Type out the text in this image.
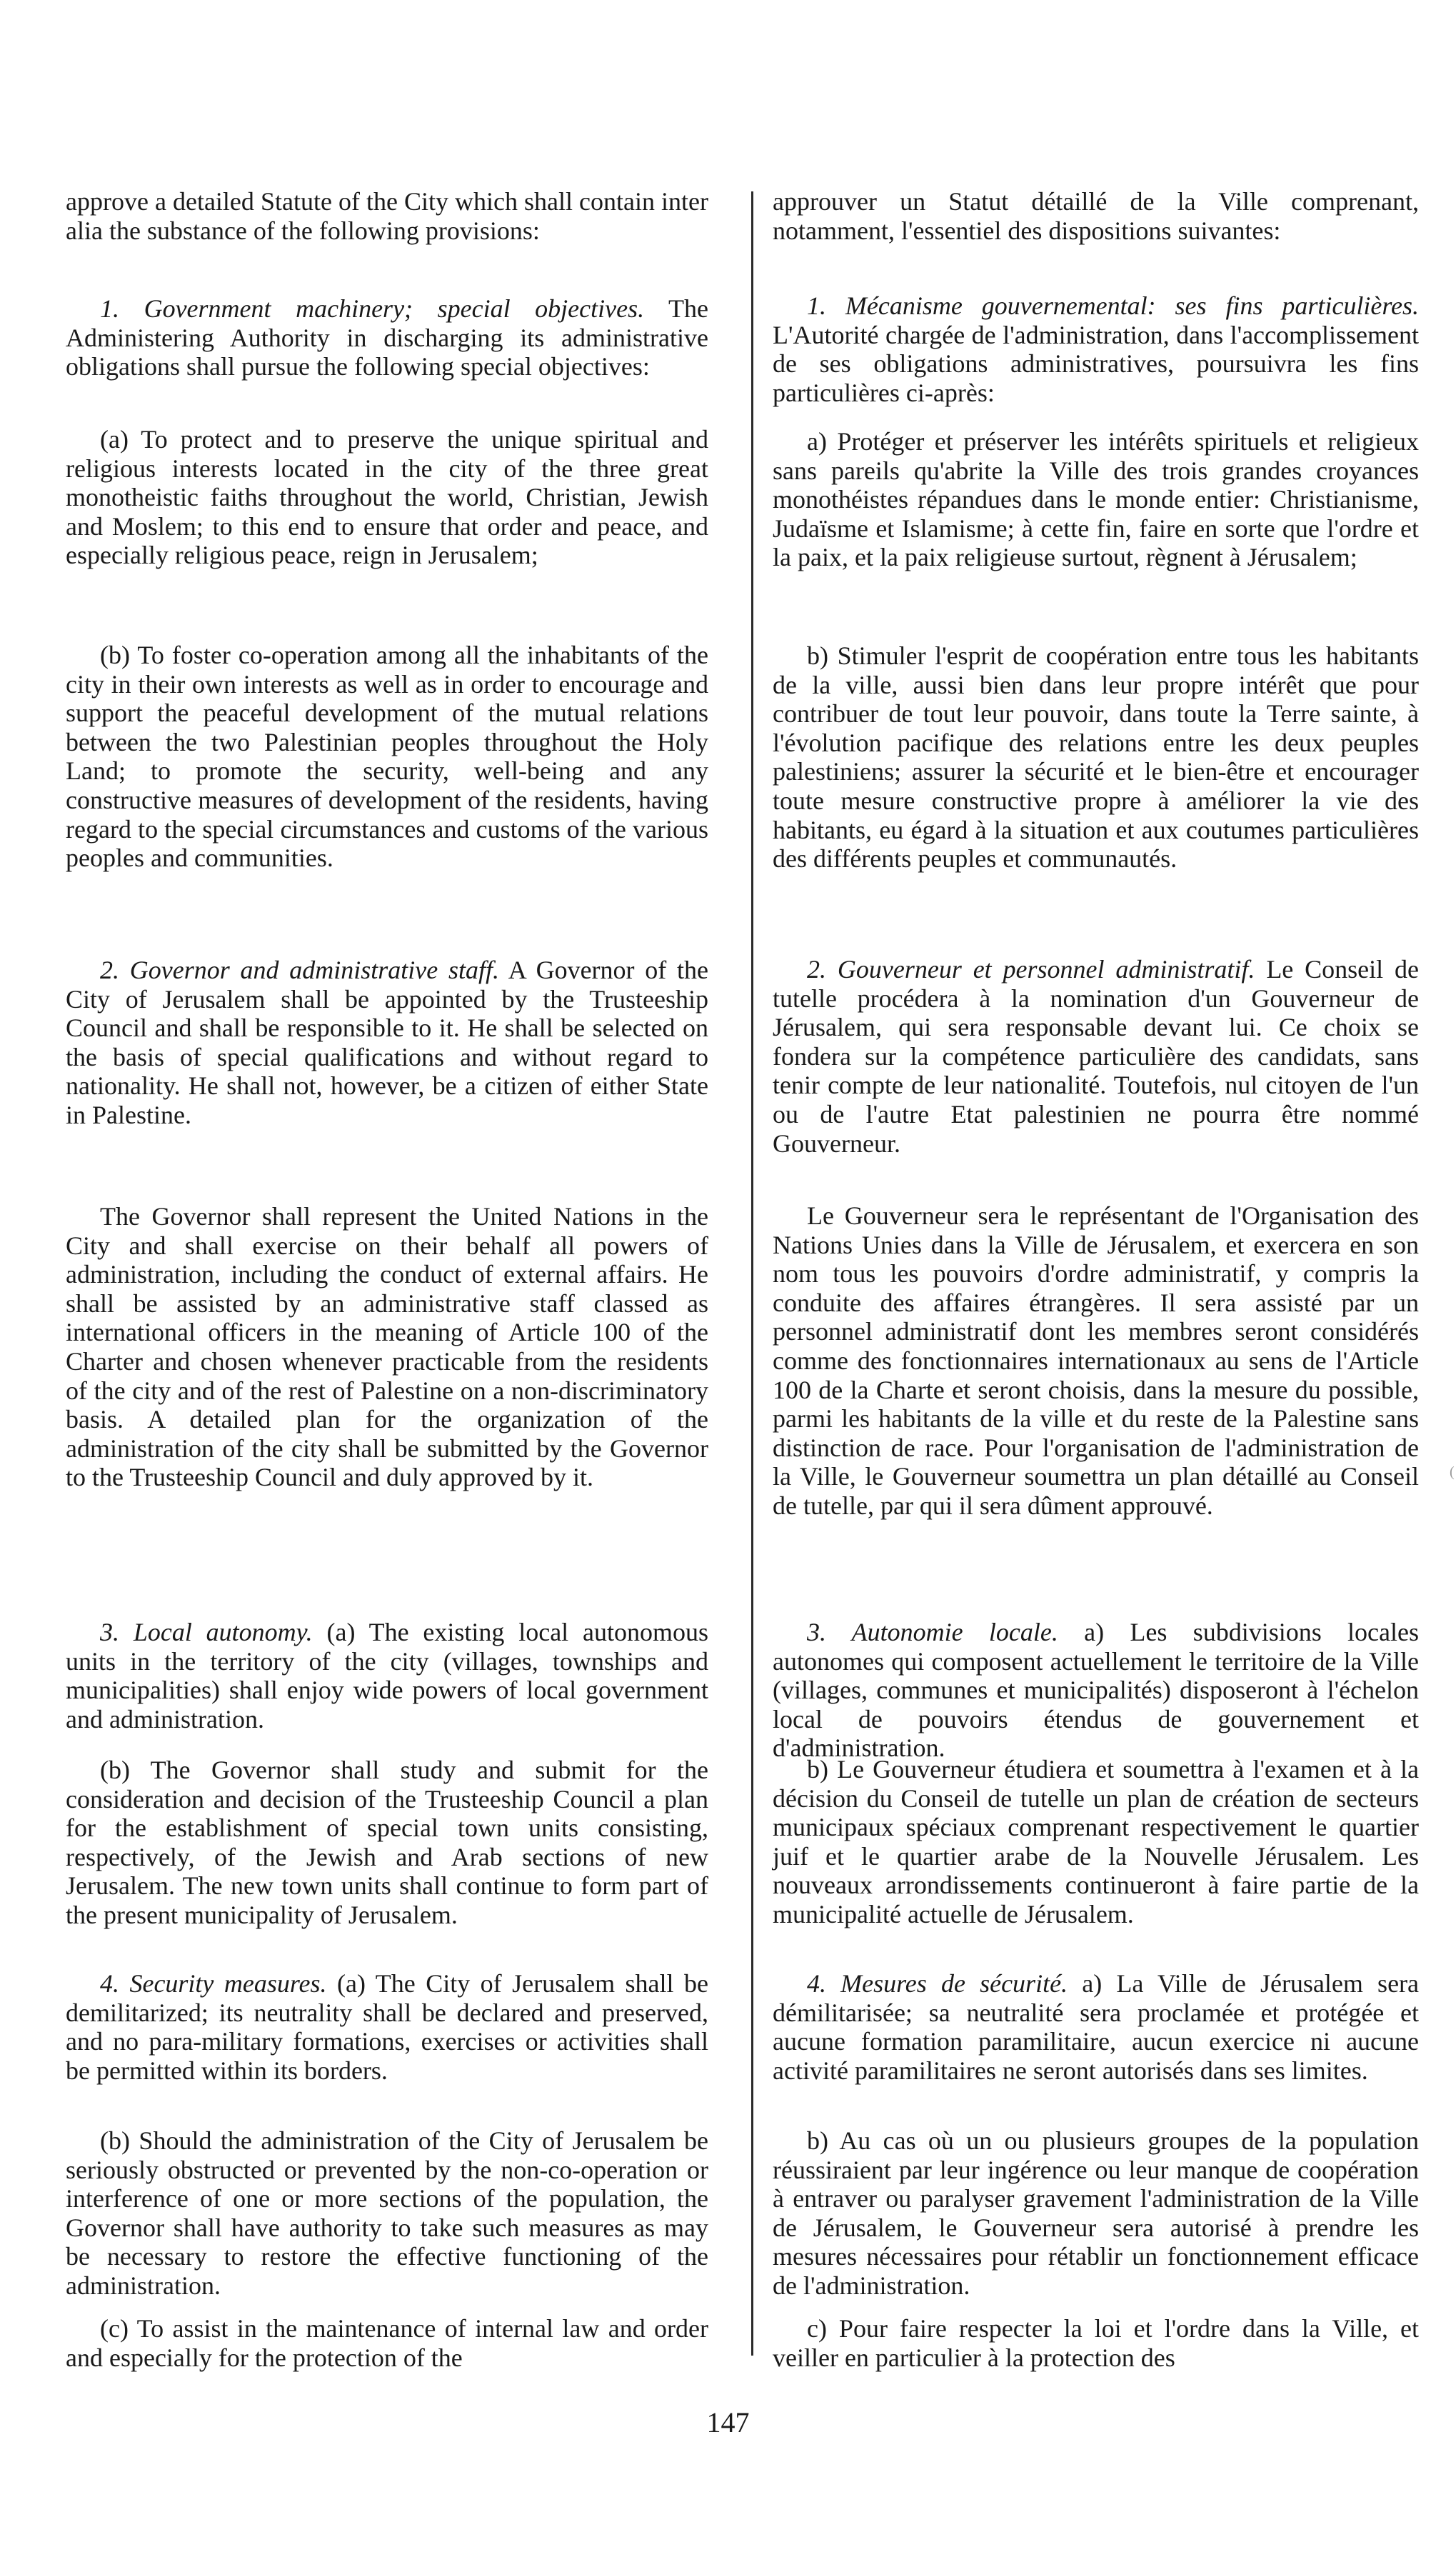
approve a detailed Statute of the City which shall contain inter alia the substance of the following provisions:

1. Government machinery; special objectives. The Administering Authority in discharging its administrative obligations shall pursue the following special objectives:

(a) To protect and to preserve the unique spiritual and religious interests located in the city of the three great monotheistic faiths throughout the world, Christian, Jewish and Moslem; to this end to ensure that order and peace, and especially religious peace, reign in Jerusalem;

(b) To foster co-operation among all the inhabitants of the city in their own interests as well as in order to encourage and support the peaceful development of the mutual relations between the two Palestinian peoples throughout the Holy Land; to promote the security, well-being and any constructive measures of development of the residents, having regard to the special circumstances and customs of the various peoples and communities.

2. Governor and administrative staff. A Governor of the City of Jerusalem shall be appointed by the Trusteeship Council and shall be responsible to it. He shall be selected on the basis of special qualifications and without regard to nationality. He shall not, however, be a citizen of either State in Palestine.

The Governor shall represent the United Nations in the City and shall exercise on their behalf all powers of administration, including the conduct of external affairs. He shall be assisted by an administrative staff classed as international officers in the meaning of Article 100 of the Charter and chosen whenever practicable from the residents of the city and of the rest of Palestine on a non-discriminatory basis. A detailed plan for the organization of the administration of the city shall be submitted by the Governor to the Trusteeship Council and duly approved by it.

3. Local autonomy. (a) The existing local autonomous units in the territory of the city (villages, townships and municipalities) shall enjoy wide powers of local government and administration.

(b) The Governor shall study and submit for the consideration and decision of the Trusteeship Council a plan for the establishment of special town units consisting, respectively, of the Jewish and Arab sections of new Jerusalem. The new town units shall continue to form part of the present municipality of Jerusalem.

4. Security measures. (a) The City of Jerusalem shall be demilitarized; its neutrality shall be declared and preserved, and no para-military formations, exercises or activities shall be permitted within its borders.

(b) Should the administration of the City of Jerusalem be seriously obstructed or prevented by the non-co-operation or interference of one or more sections of the population, the Governor shall have authority to take such measures as may be necessary to restore the effective functioning of the administration.

(c) To assist in the maintenance of internal law and order and especially for the protection of the

approuver un Statut détaillé de la Ville comprenant, notamment, l'essentiel des dispositions suivantes:

1. Mécanisme gouvernemental: ses fins particulières. L'Autorité chargée de l'administration, dans l'accomplissement de ses obligations administratives, poursuivra les fins particulières ci-après:

a) Protéger et préserver les intérêts spirituels et religieux sans pareils qu'abrite la Ville des trois grandes croyances monothéistes répandues dans le monde entier: Christianisme, Judaïsme et Islamisme; à cette fin, faire en sorte que l'ordre et la paix, et la paix religieuse surtout, règnent à Jérusalem;

b) Stimuler l'esprit de coopération entre tous les habitants de la ville, aussi bien dans leur propre intérêt que pour contribuer de tout leur pouvoir, dans toute la Terre sainte, à l'évolution pacifique des relations entre les deux peuples palestiniens; assurer la sécurité et le bien-être et encourager toute mesure constructive propre à améliorer la vie des habitants, eu égard à la situation et aux coutumes particulières des différents peuples et communautés.

2. Gouverneur et personnel administratif. Le Conseil de tutelle procédera à la nomination d'un Gouverneur de Jérusalem, qui sera responsable devant lui. Ce choix se fondera sur la compétence particulière des candidats, sans tenir compte de leur nationalité. Toutefois, nul citoyen de l'un ou de l'autre Etat palestinien ne pourra être nommé Gouverneur.

Le Gouverneur sera le représentant de l'Organisation des Nations Unies dans la Ville de Jérusalem, et exercera en son nom tous les pouvoirs d'ordre administratif, y compris la conduite des affaires étrangères. Il sera assisté par un personnel administratif dont les membres seront considérés comme des fonctionnaires internationaux au sens de l'Article 100 de la Charte et seront choisis, dans la mesure du possible, parmi les habitants de la ville et du reste de la Palestine sans distinction de race. Pour l'organisation de l'administration de la Ville, le Gouverneur soumettra un plan détaillé au Conseil de tutelle, par qui il sera dûment approuvé.

3. Autonomie locale. a) Les subdivisions locales autonomes qui composent actuellement le territoire de la Ville (villages, communes et municipalités) disposeront à l'échelon local de pouvoirs étendus de gouvernement et d'administration.

b) Le Gouverneur étudiera et soumettra à l'examen et à la décision du Conseil de tutelle un plan de création de secteurs municipaux spéciaux comprenant respectivement le quartier juif et le quartier arabe de la Nouvelle Jérusalem. Les nouveaux arrondissements continueront à faire partie de la municipalité actuelle de Jérusalem.

4. Mesures de sécurité. a) La Ville de Jérusalem sera démilitarisée; sa neutralité sera proclamée et protégée et aucune formation paramilitaire, aucun exercice ni aucune activité paramilitaires ne seront autorisés dans ses limites.

b) Au cas où un ou plusieurs groupes de la population réussiraient par leur ingérence ou leur manque de coopération à entraver ou paralyser gravement l'administration de la Ville de Jérusalem, le Gouverneur sera autorisé à prendre les mesures nécessaires pour rétablir un fonctionnement efficace de l'administration.

c) Pour faire respecter la loi et l'ordre dans la Ville, et veiller en particulier à la protection des

147
(
